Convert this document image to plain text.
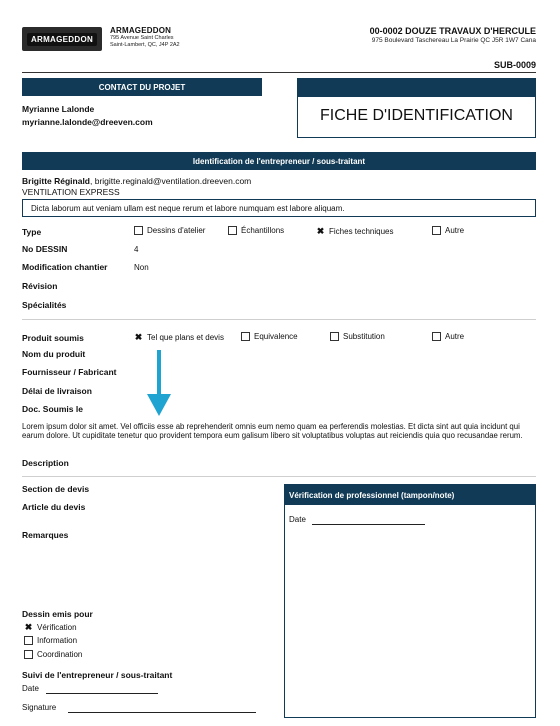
ARMAGEDDON
ARMAGEDDON
795 Avenue Saint Charles
Saint-Lambert, QC, J4P 2A2
00-0002 DOUZE TRAVAUX D'HERCULE
975 Boulevard Taschereau La Prairie QC J5R 1W7 Cana
SUB-0009
CONTACT DU PROJET
FICHE D'IDENTIFICATION
Myrianne Lalonde
myrianne.lalonde@dreeven.com
Identification de l'entrepreneur / sous-traitant
Brigitte Réginald, brigitte.reginald@ventilation.dreeven.com
VENTILATION EXPRESS
Dicta laborum aut veniam ullam est neque rerum et labore numquam est labore aliquam.
Type	Dessins d'atelier	Échantillons	✖ Fiches techniques	Autre
No DESSIN	4
Modification chantier	Non
Révision
Spécialités
Produit soumis	✖ Tel que plans et devis	Equivalence	Substitution	Autre
Nom du produit
Fournisseur / Fabricant
Délai de livraison
Doc. Soumis le
Lorem ipsum dolor sit amet. Vel officiis esse ab reprehenderit omnis eum nemo quam ea perferendis molestias. Et dicta sint aut quia incidunt qui earum dolore. Ut cupiditate tenetur quo provident tempora eum galisum libero sit voluptatibus voluptas aut reiciendis quia quo recusandae rerum.
Description
Section de devis
Article du devis
Remarques
Dessin emis pour
✖ Vérification
Information
Coordination
Suivi de l'entrepreneur / sous-traitant
Date
Signature
Vérification de professionnel (tampon/note)
Date
